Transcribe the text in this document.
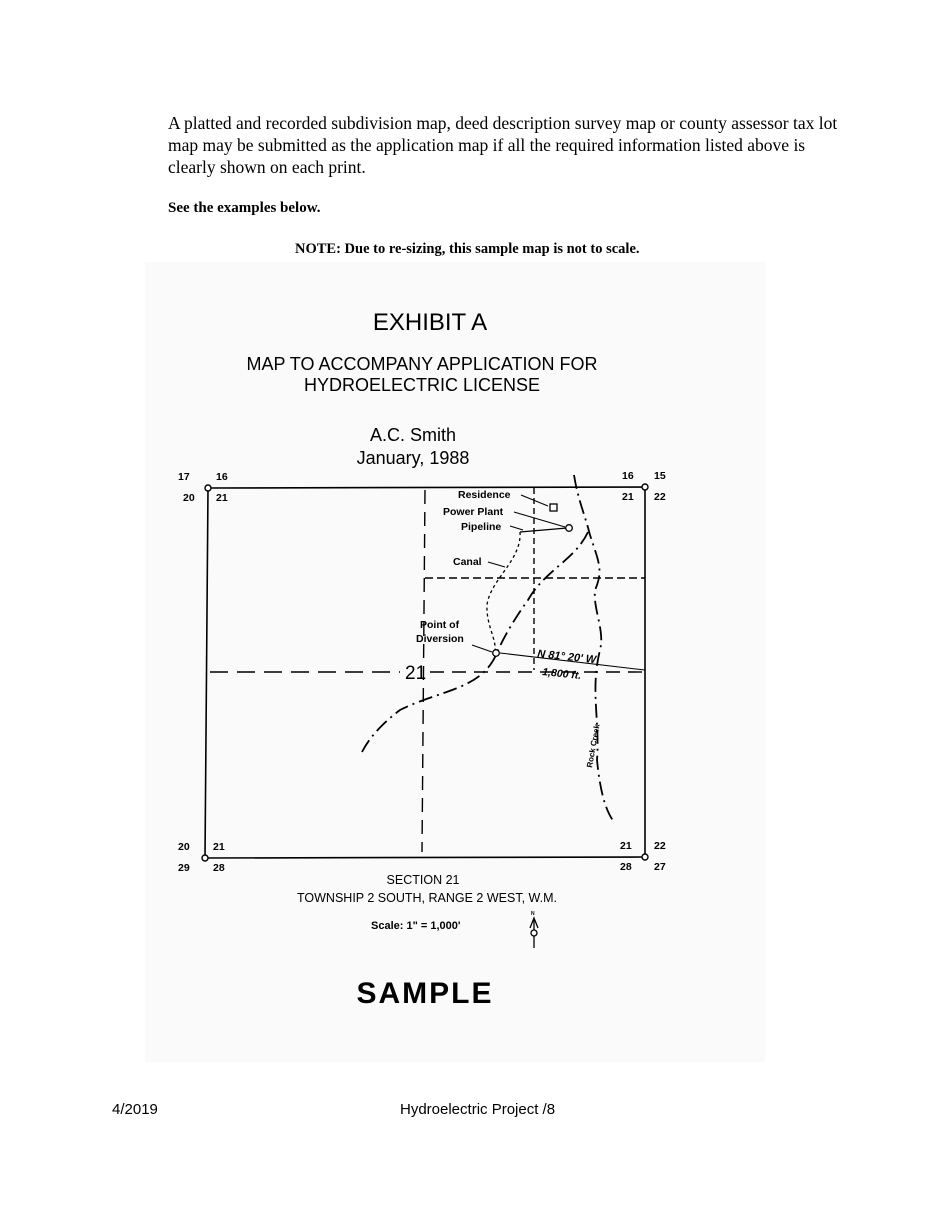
A platted and recorded subdivision map, deed description survey map or county assessor tax lot map may be submitted as the application map if all the required information listed above is clearly shown on each print.
See the examples below.
NOTE: Due to re-sizing, this sample map is not to scale.
EXHIBIT A
MAP TO ACCOMPANY APPLICATION FOR
HYDROELECTRIC LICENSE
A.C. Smith
January, 1988
Residence
Power Plant
Pipeline
Canal
Point of
Diversion
N 81° 20' W
1,800 ft.
Rock Creek
21
17	16
20 21
16 15
21 22
20 21
29 28
21 22
28 27
SECTION 21
TOWNSHIP 2 SOUTH, RANGE 2 WEST, W.M.
Scale: 1" = 1,000'
N
SAMPLE
4/2019	Hydroelectric Project /8
